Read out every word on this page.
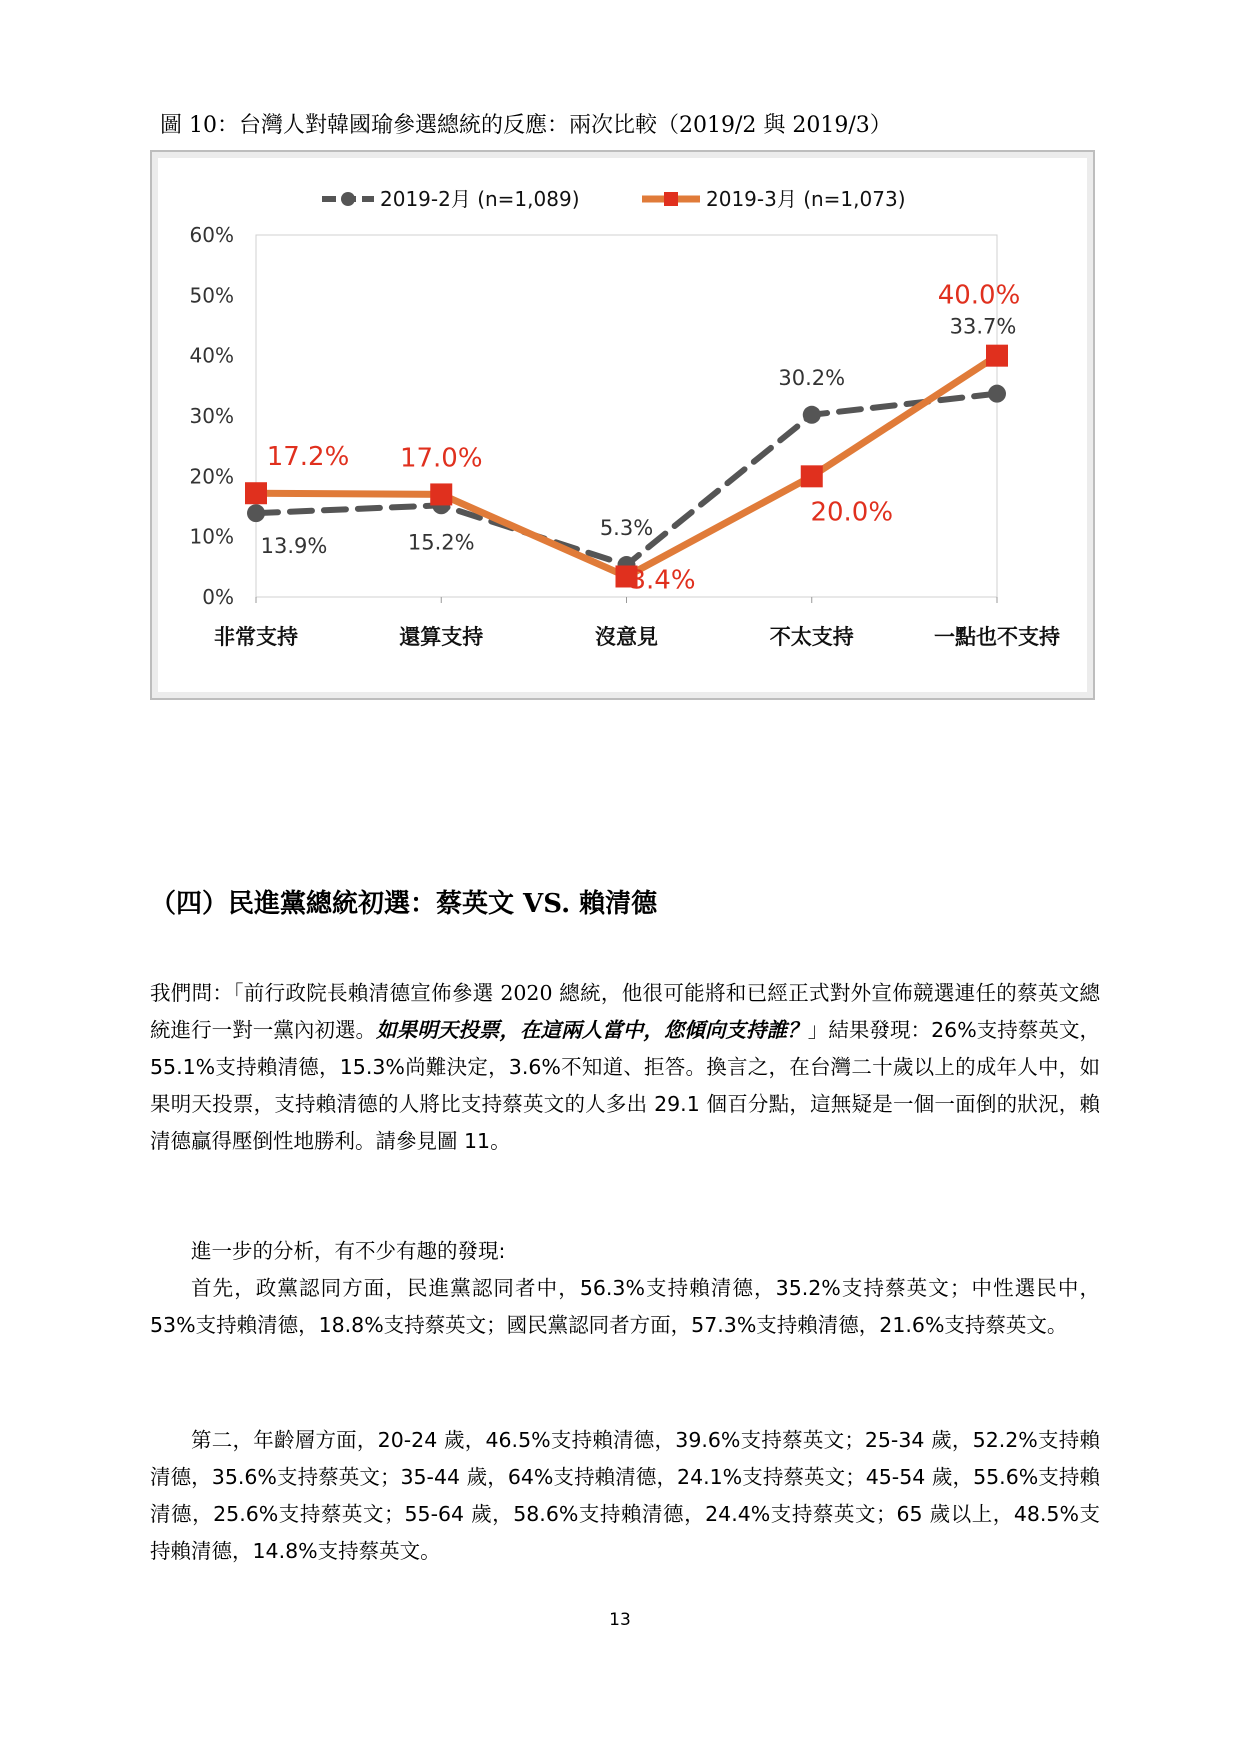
圖 10：台灣人對韓國瑜參選總統的反應：兩次比較（2019/2 與 2019/3）
0%
10%
20%
30%
40%
50%
60%
非常支持	還算支持	沒意見	不太支持	一點也不支持
13.9%	15.2%
5.3%
30.2%
33.7%
17.2% 17.0%
3.4%
20.0%
40.0%
2019-2月 (n=1,089)	2019-3月 (n=1,073)
（四）民進黨總統初選：蔡英文 VS. 賴清德
我們問：「前行政院長賴清德宣佈參選 2020 總統，他很可能將和已經正式對外宣佈競選連任的蔡英文總統進行一對一黨內初選。如果明天投票，在這兩人當中，您傾向支持誰？」結果發現：26%支持蔡英文，55.1%支持賴清德，15.3%尚難決定，3.6%不知道、拒答。換言之，在台灣二十歲以上的成年人中，如果明天投票，支持賴清德的人將比支持蔡英文的人多出 29.1 個百分點，這無疑是一個一面倒的狀況，賴清德贏得壓倒性地勝利。請參見圖 11。
進一步的分析，有不少有趣的發現:
首先，政黨認同方面，民進黨認同者中，56.3%支持賴清德，35.2%支持蔡英文；中性選民中，53%支持賴清德，18.8%支持蔡英文；國民黨認同者方面，57.3%支持賴清德，21.6%支持蔡英文。
第二，年齡層方面，20-24 歲，46.5%支持賴清德，39.6%支持蔡英文；25-34 歲，52.2%支持賴清德，35.6%支持蔡英文；35-44 歲，64%支持賴清德，24.1%支持蔡英文；45-54 歲，55.6%支持賴清德，25.6%支持蔡英文；55-64 歲，58.6%支持賴清德，24.4%支持蔡英文；65 歲以上，48.5%支持賴清德，14.8%支持蔡英文。
13
